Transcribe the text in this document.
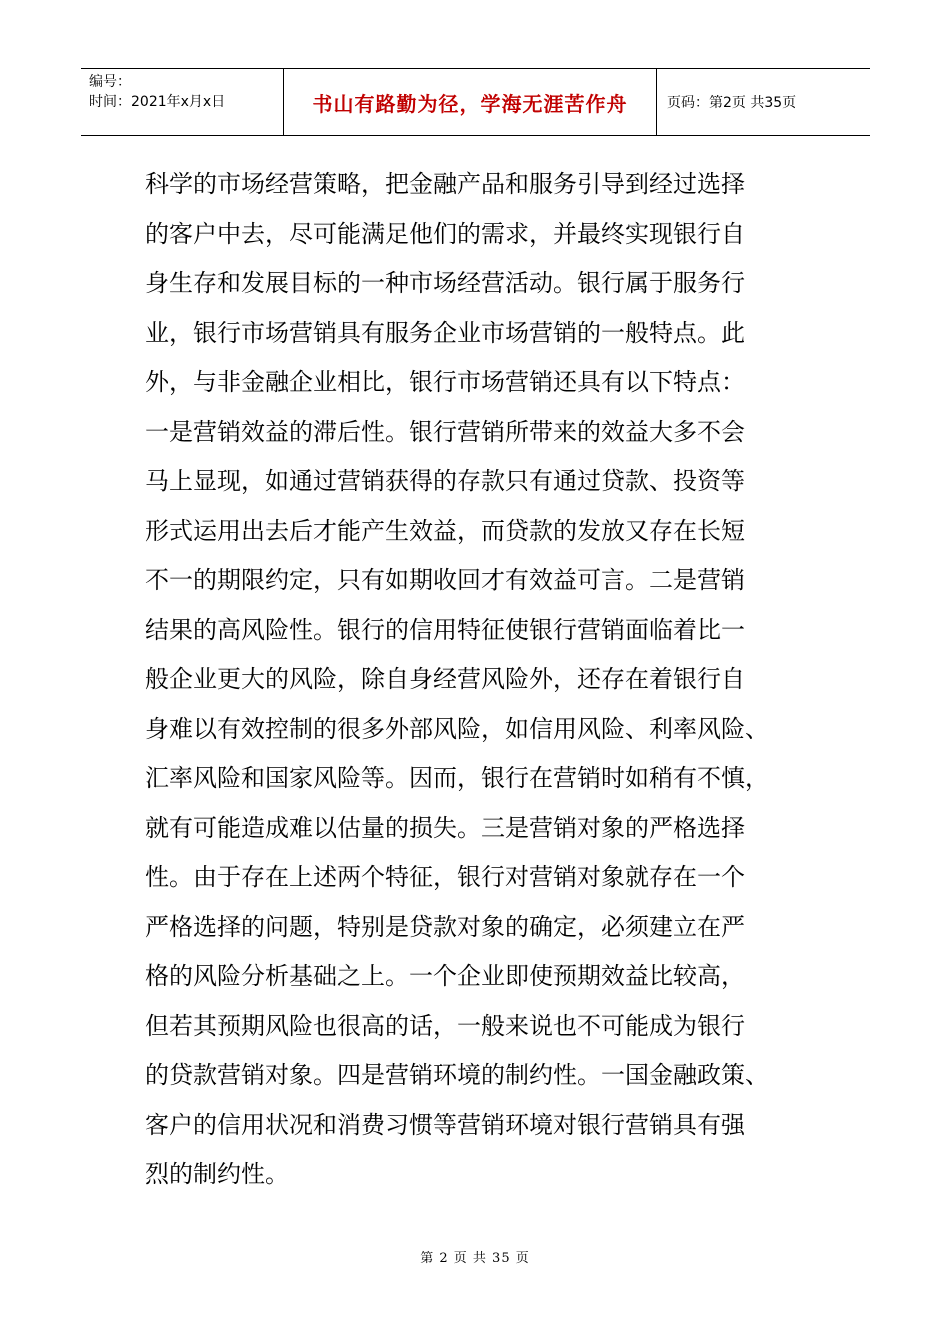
编号：
时间：2021年x月x日	书山有路勤为径，学海无涯苦作舟	页码：第2页 共35页
科学的市场经营策略，把金融产品和服务引导到经过选择
的客户中去，尽可能满足他们的需求，并最终实现银行自
身生存和发展目标的一种市场经营活动。银行属于服务行
业，银行市场营销具有服务企业市场营销的一般特点。此
外，与非金融企业相比，银行市场营销还具有以下特点：
一是营销效益的滞后性。银行营销所带来的效益大多不会
马上显现，如通过营销获得的存款只有通过贷款、投资等
形式运用出去后才能产生效益，而贷款的发放又存在长短
不一的期限约定，只有如期收回才有效益可言。二是营销
结果的高风险性。银行的信用特征使银行营销面临着比一
般企业更大的风险，除自身经营风险外，还存在着银行自
身难以有效控制的很多外部风险，如信用风险、利率风险、
汇率风险和国家风险等。因而，银行在营销时如稍有不慎，
就有可能造成难以估量的损失。三是营销对象的严格选择
性。由于存在上述两个特征，银行对营销对象就存在一个
严格选择的问题，特别是贷款对象的确定，必须建立在严
格的风险分析基础之上。一个企业即使预期效益比较高，
但若其预期风险也很高的话，一般来说也不可能成为银行
的贷款营销对象。四是营销环境的制约性。一国金融政策、
客户的信用状况和消费习惯等营销环境对银行营销具有强
烈的制约性。
第 2 页 共 35 页
